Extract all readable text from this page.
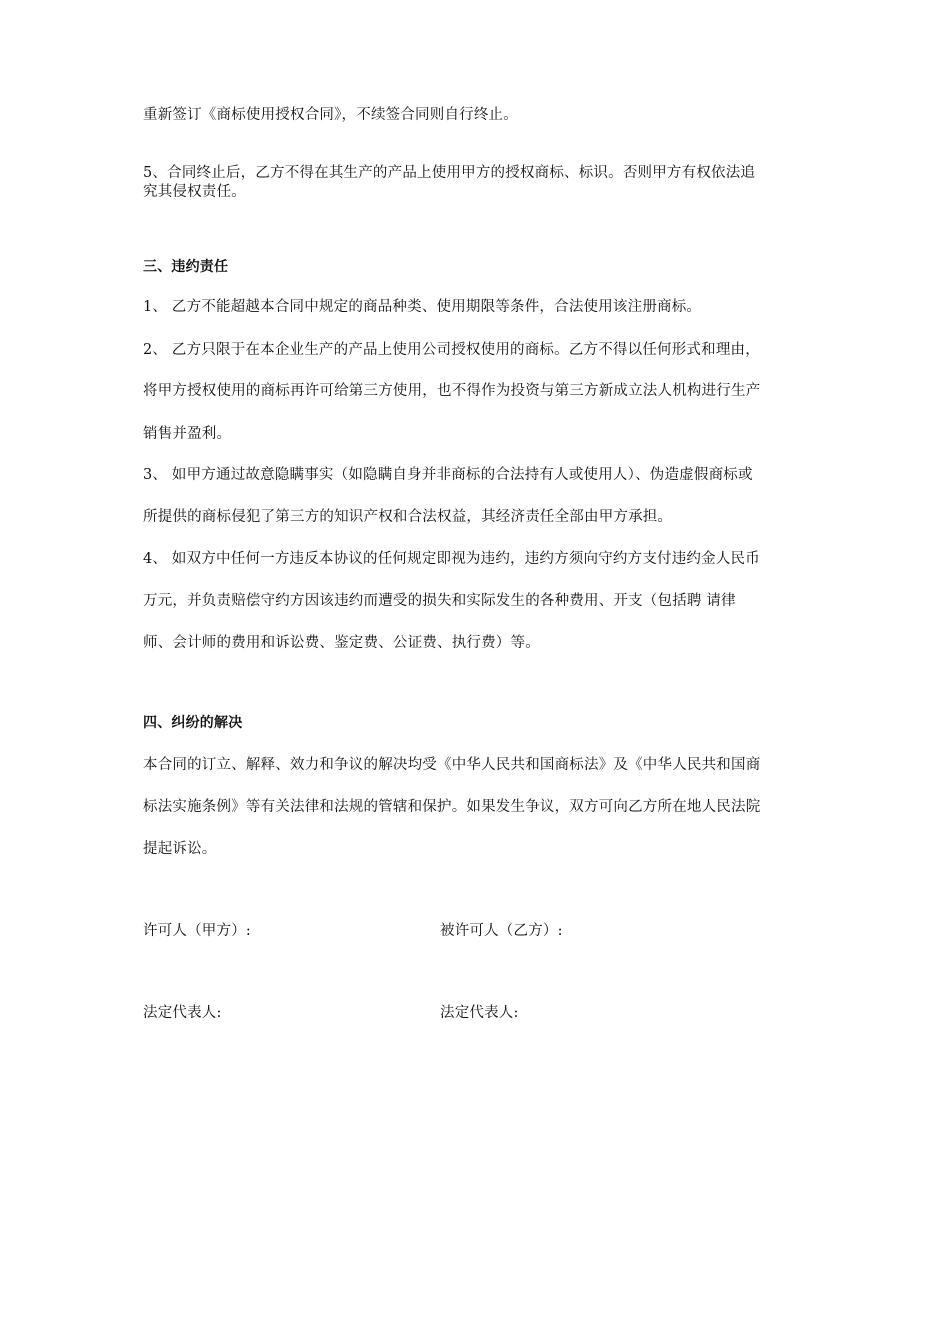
重新签订《商标使用授权合同》，不续签合同则自行终止。
5、合同终止后，乙方不得在其生产的产品上使用甲方的授权商标、标识。否则甲方有权依法追
究其侵权责任。
三、违约责任
1、 乙方不能超越本合同中规定的商品种类、使用期限等条件，合法使用该注册商标。
2、 乙方只限于在本企业生产的产品上使用公司授权使用的商标。乙方不得以任何形式和理由，
将甲方授权使用的商标再许可给第三方使用，也不得作为投资与第三方新成立法人机构进行生产
销售并盈利。
3、 如甲方通过故意隐瞒事实（如隐瞒自身并非商标的合法持有人或使用人）、伪造虚假商标或
所提供的商标侵犯了第三方的知识产权和合法权益，其经济责任全部由甲方承担。
4、 如双方中任何一方违反本协议的任何规定即视为违约，违约方须向守约方支付违约金人民币
万元，并负责赔偿守约方因该违约而遭受的损失和实际发生的各种费用、开支（包括聘 请律
师、会计师的费用和诉讼费、鉴定费、公证费、执行费）等。
四、纠纷的解决
本合同的订立、解释、效力和争议的解决均受《中华人民共和国商标法》及《中华人民共和国商
标法实施条例》等有关法律和法规的管辖和保护。如果发生争议，双方可向乙方所在地人民法院
提起诉讼。
许可人（甲方）:	被许可人（乙方）:
法定代表人:	法定代表人:
